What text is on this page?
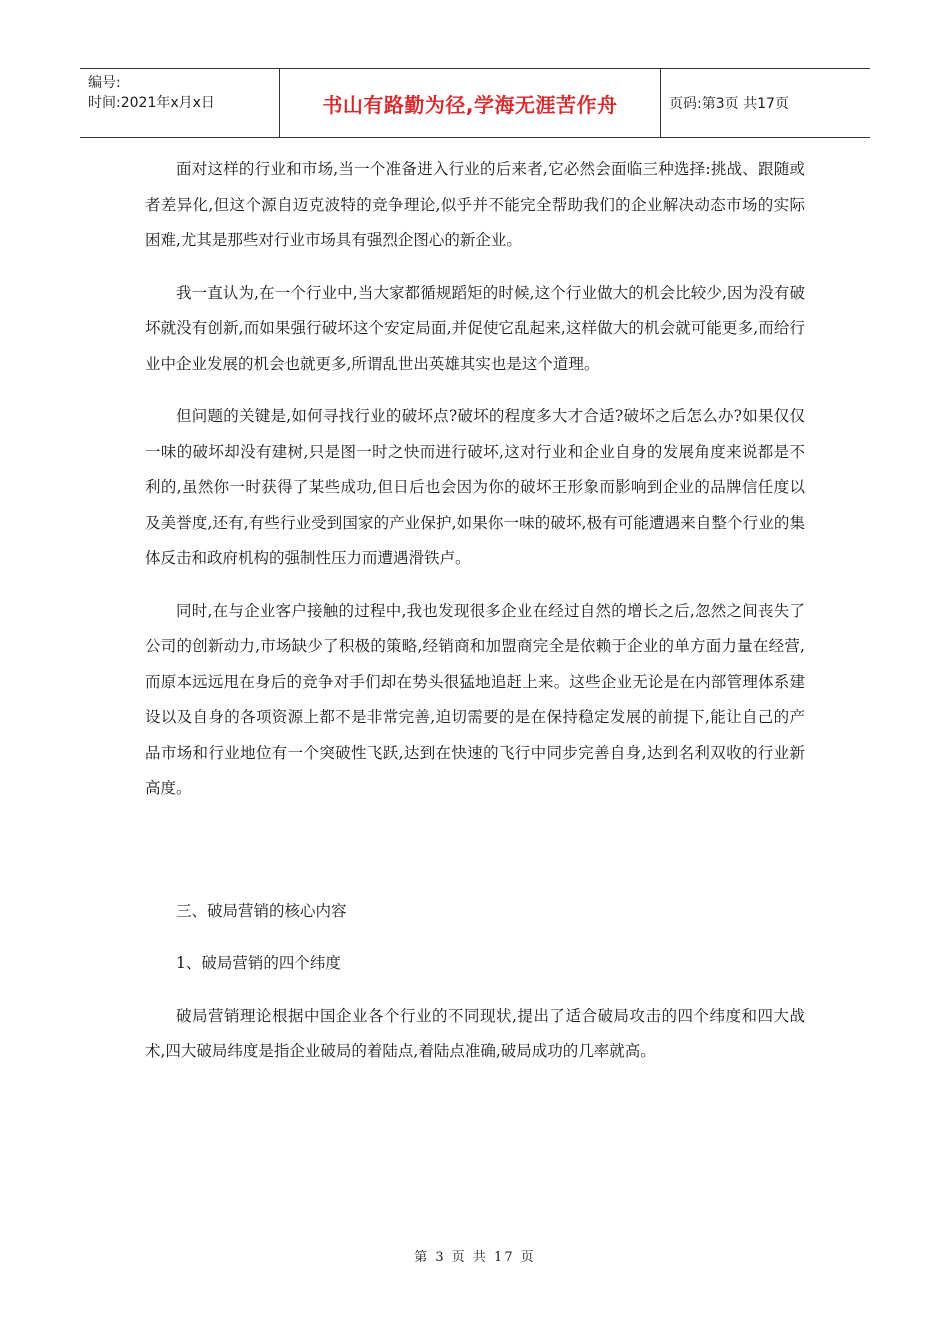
编号:
时间:2021年x月x日	书山有路勤为径,学海无涯苦作舟	页码:第3页 共17页

面对这样的行业和市场,当一个准备进入行业的后来者,它必然会面临三种选择:挑战、跟随或者差异化,但这个源自迈克波特的竞争理论,似乎并不能完全帮助我们的企业解决动态市场的实际困难,尤其是那些对行业市场具有强烈企图心的新企业。

我一直认为,在一个行业中,当大家都循规蹈矩的时候,这个行业做大的机会比较少,因为没有破坏就没有创新,而如果强行破坏这个安定局面,并促使它乱起来,这样做大的机会就可能更多,而给行业中企业发展的机会也就更多,所谓乱世出英雄其实也是这个道理。

但问题的关键是,如何寻找行业的破坏点?破坏的程度多大才合适?破坏之后怎么办?如果仅仅一味的破坏却没有建树,只是图一时之快而进行破坏,这对行业和企业自身的发展角度来说都是不利的,虽然你一时获得了某些成功,但日后也会因为你的破坏王形象而影响到企业的品牌信任度以及美誉度,还有,有些行业受到国家的产业保护,如果你一味的破坏,极有可能遭遇来自整个行业的集体反击和政府机构的强制性压力而遭遇滑铁卢。

同时,在与企业客户接触的过程中,我也发现很多企业在经过自然的增长之后,忽然之间丧失了公司的创新动力,市场缺少了积极的策略,经销商和加盟商完全是依赖于企业的单方面力量在经营,而原本远远甩在身后的竞争对手们却在势头很猛地追赶上来。这些企业无论是在内部管理体系建设以及自身的各项资源上都不是非常完善,迫切需要的是在保持稳定发展的前提下,能让自己的产品市场和行业地位有一个突破性飞跃,达到在快速的飞行中同步完善自身,达到名利双收的行业新高度。

三、破局营销的核心内容

1、破局营销的四个纬度

破局营销理论根据中国企业各个行业的不同现状,提出了适合破局攻击的四个纬度和四大战术,四大破局纬度是指企业破局的着陆点,着陆点准确,破局成功的几率就高。

第 3 页 共 17 页
